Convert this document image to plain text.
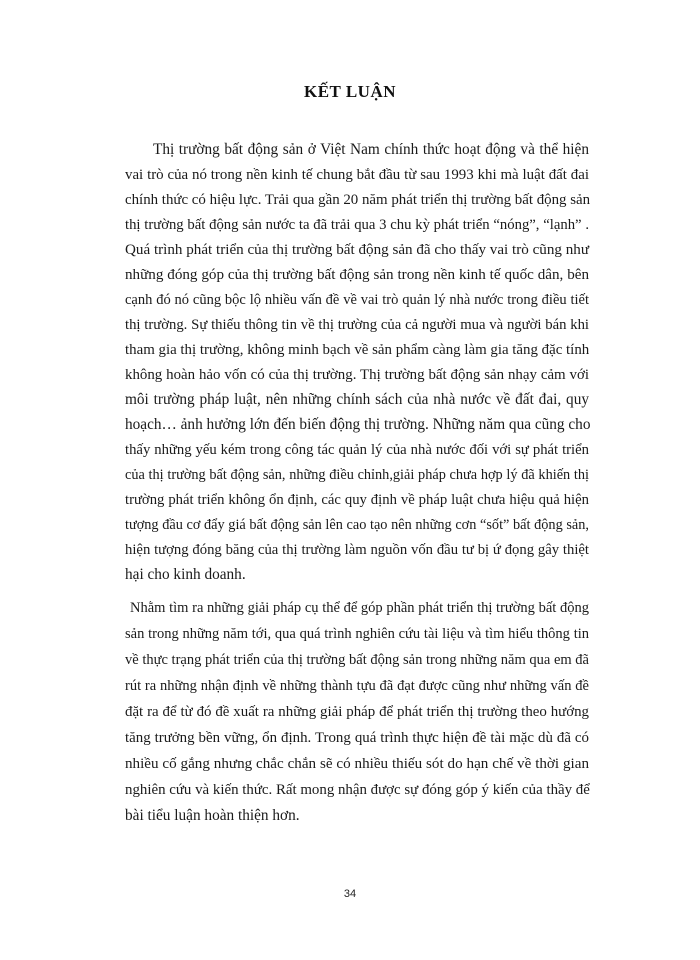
KẾT LUẬN
Thị trường bất động sản ở Việt Nam chính thức hoạt động và thể hiện
vai trò của nó trong nền kinh tế chung bắt đầu từ sau 1993 khi mà luật đất đai
chính thức có hiệu lực. Trải qua gần 20 năm phát triển thị trường bất động sản
thị trường bất động sản nước ta đã trải qua 3 chu kỳ phát triển “nóng”, “lạnh” .
Quá trình phát triển của thị trường bất động sản đã cho thấy vai trò cũng như
những đóng góp của thị trường bất động sản trong nền kinh tế quốc dân, bên
cạnh đó nó cũng bộc lộ nhiều vấn đề về vai trò quản lý nhà nước trong điều tiết
thị trường. Sự thiếu thông tin về thị trường của cả người mua và người bán khi
tham gia thị trường, không minh bạch về sản phẩm càng làm gia tăng đặc tính
không hoàn hảo vốn có của thị trường. Thị trường bất động sản nhạy cảm với
môi trường pháp luật, nên những chính sách của nhà nước về đất đai, quy
hoạch… ảnh hưởng lớn đến biến động thị trường. Những năm qua cũng cho
thấy những yếu kém trong công tác quản lý của nhà nước đối với sự phát triển
của thị trường bất động sản, những điều chỉnh,giải pháp chưa hợp lý đã khiến thị
trường phát triển không ổn định, các quy định về pháp luật chưa hiệu quả hiện
tượng đầu cơ đẩy giá bất động sản lên cao tạo nên những cơn “sốt” bất động sản,
hiện tượng đóng băng của thị trường làm nguồn vốn đầu tư bị ứ đọng gây thiệt
hại cho kinh doanh.
Nhằm tìm ra những giải pháp cụ thể để góp phần phát triển thị trường bất động
sản trong những năm tới, qua quá trình nghiên cứu tài liệu và tìm hiểu thông tin
về thực trạng phát triển của thị trường bất động sản trong những năm qua em đã
rút ra những nhận định về những thành tựu đã đạt được cũng như những vấn đề
đặt ra để từ đó đề xuất ra những giải pháp để phát triển thị trường theo hướng
tăng trưởng bền vững, ổn định. Trong quá trình thực hiện đề tài mặc dù đã có
nhiều cố gắng nhưng chắc chắn sẽ có nhiều thiếu sót do hạn chế về thời gian
nghiên cứu và kiến thức. Rất mong nhận được sự đóng góp ý kiến của thầy để
bài tiểu luận hoàn thiện hơn.
34
